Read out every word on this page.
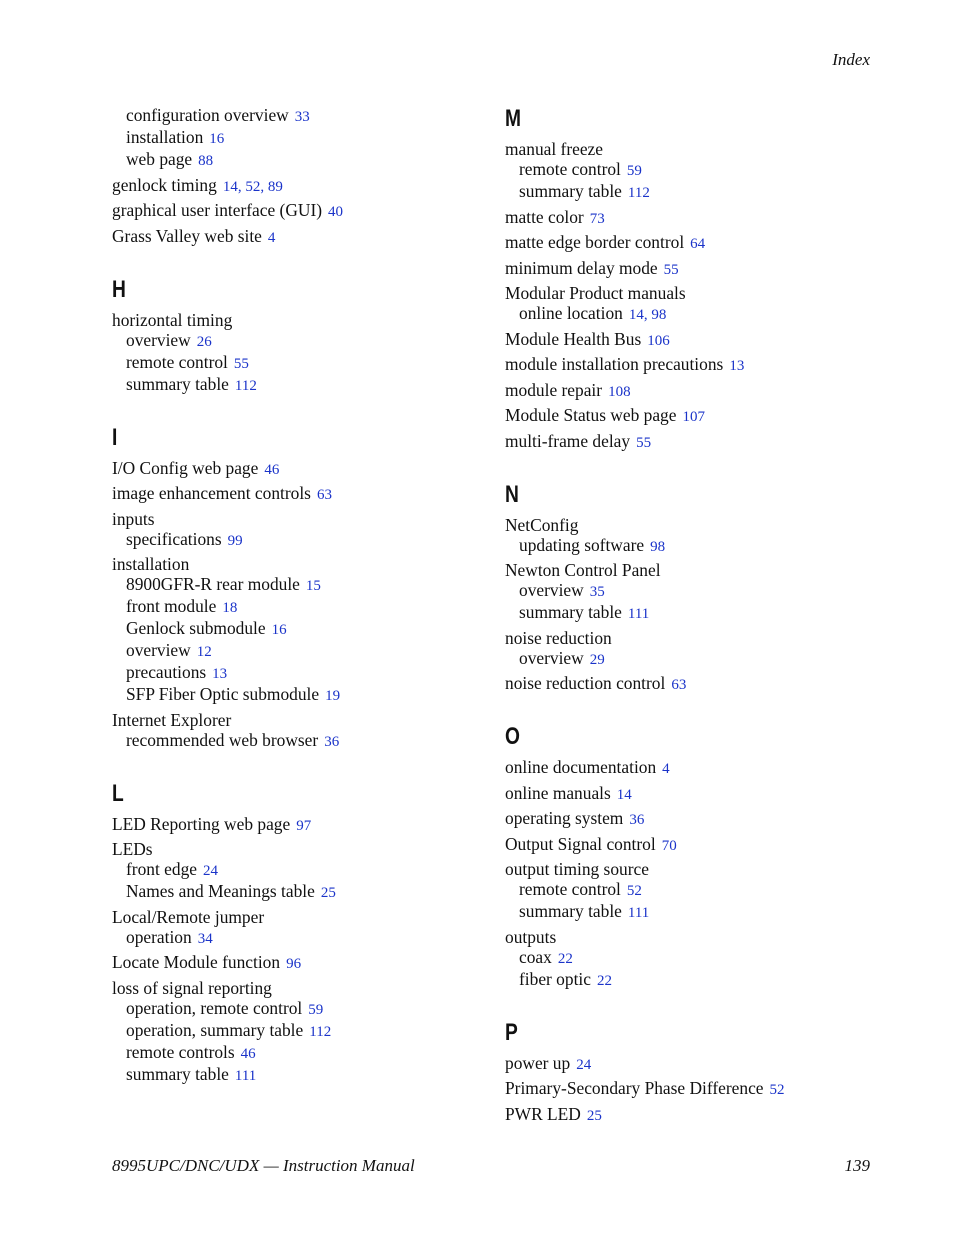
Index
configuration overview 33
installation 16
web page 88
genlock timing 14, 52, 89
graphical user interface (GUI) 40
Grass Valley web site 4
H
horizontal timing
overview 26
remote control 55
summary table 112
I
I/O Config web page 46
image enhancement controls 63
inputs
specifications 99
installation
8900GFR-R rear module 15
front module 18
Genlock submodule 16
overview 12
precautions 13
SFP Fiber Optic submodule 19
Internet Explorer
recommended web browser 36
L
LED Reporting web page 97
LEDs
front edge 24
Names and Meanings table 25
Local/Remote jumper
operation 34
Locate Module function 96
loss of signal reporting
operation, remote control 59
operation, summary table 112
remote controls 46
summary table 111
M
manual freeze
remote control 59
summary table 112
matte color 73
matte edge border control 64
minimum delay mode 55
Modular Product manuals
online location 14, 98
Module Health Bus 106
module installation precautions 13
module repair 108
Module Status web page 107
multi-frame delay 55
N
NetConfig
updating software 98
Newton Control Panel
overview 35
summary table 111
noise reduction
overview 29
noise reduction control 63
O
online documentation 4
online manuals 14
operating system 36
Output Signal control 70
output timing source
remote control 52
summary table 111
outputs
coax 22
fiber optic 22
P
power up 24
Primary-Secondary Phase Difference 52
PWR LED 25
8995UPC/DNC/UDX — Instruction Manual	139
